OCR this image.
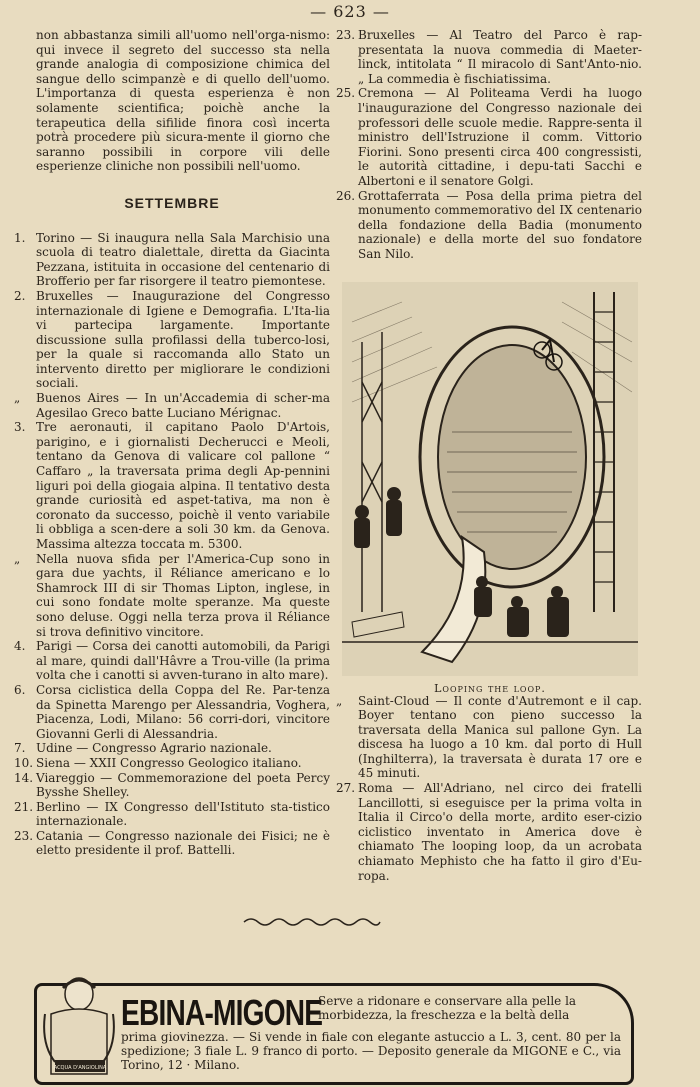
— 623 —

non abbastanza simili all'uomo nell'orga-nismo: qui invece il segreto del successo sta nella grande analogia di composizione chimica del sangue dello scimpanzè e di quello dell'uomo. L'importanza di questa esperienza è non solamente scientifica; poichè anche la terapeutica della sifilide finora così incerta potrà procedere più sicura-mente il giorno che saranno possibili in corpore vili delle esperienze cliniche non possibili nell'uomo.

SETTEMBRE

1. Torino — Si inaugura nella Sala Marchisio una scuola di teatro dialettale, diretta da Giacinta Pezzana, istituita in occasione del centenario di Brofferio per far risorgere il teatro piemontese.

2. Bruxelles — Inaugurazione del Congresso internazionale di Igiene e Demografia. L'Ita-lia vi partecipa largamente. Importante discussione sulla profilassi della tuberco-losi, per la quale si raccomanda allo Stato un intervento diretto per migliorare le condizioni sociali.

„	Buenos Aires — In un'Accademia di scher-ma Agesilao Greco batte Luciano Mérignac.

3. Tre aeronauti, il capitano Paolo D'Artois, parigino, e i giornalisti Decherucci e Meoli, tentano da Genova di valicare col pallone “ Caffaro „ la traversata prima degli Ap-pennini liguri poi della giogaia alpina. Il tentativo desta grande curiosità ed aspet-tativa, ma non è coronato da successo, poichè il vento variabile li obbliga a scen-dere a soli 30 km. da Genova. Massima altezza toccata m. 5300.

„	Nella nuova sfida per l'America-Cup sono in gara due yachts, il Réliance americano e lo Shamrock III di sir Thomas Lipton, inglese, in cui sono fondate molte speranze. Ma queste sono deluse. Oggi nella terza prova il Réliance si trova definitivo vincitore.

4. Parigi — Corsa dei canotti automobili, da Parigi al mare, quindi dall'Hâvre a Trou-ville (la prima volta che i canotti si avven-turano in alto mare).

6. Corsa ciclistica della Coppa del Re. Par-tenza da Spinetta Marengo per Alessandria, Voghera, Piacenza, Lodi, Milano: 56 corri-dori, vincitore Giovanni Gerli di Alessandria.

7. Udine — Congresso Agrario nazionale.

10. Siena — XXII Congresso Geologico italiano.

14. Viareggio — Commemorazione del poeta Percy Bysshe Shelley.

21. Berlino — IX Congresso dell'Istituto sta-tistico internazionale.

23. Catania — Congresso nazionale dei Fisici; ne è eletto presidente il prof. Battelli.

23. Bruxelles — Al Teatro del Parco è rap-presentata la nuova commedia di Maeter-linck, intitolata “ Il miracolo di Sant'Anto-nio. „ La commedia è fischiatissima.

25. Cremona — Al Politeama Verdi ha luogo l'inaugurazione del Congresso nazionale dei professori delle scuole medie. Rappre-senta il ministro dell'Istruzione il comm. Vittorio Fiorini. Sono presenti circa 400 congressisti, le autorità cittadine, i depu-tati Sacchi e Albertoni e il senatore Golgi.

26. Grottaferrata — Posa della prima pietra del monumento commemorativo del IX centenario della fondazione della Badia (monumento nazionale) e della morte del suo fondatore San Nilo.

Looping the loop.

„	Saint-Cloud — Il conte d'Autremont e il cap. Boyer tentano con pieno successo la traversata della Manica sul pallone Gyn. La discesa ha luogo a 10 km. dal porto di Hull (Inghilterra), la traversata è durata 17 ore e 45 minuti.

27. Roma — All'Adriano, nel circo dei fratelli Lancillotti, si eseguisce per la prima volta in Italia il Circo'o della morte, ardito eser-cizio ciclistico inventato in America dove è chiamato The looping loop, da un acrobata chiamato Mephisto che ha fatto il giro d'Eu-ropa.

ACQUA D'ANGIOLINA
EBINA-MIGONE
Serve a ridonare e conservare alla pelle la morbidezza, la freschezza e la beltà della
prima giovinezza. — Si vende in fiale con elegante astuccio a L. 3, cent. 80 per la spedizione; 3 fiale L. 9 franco di porto. — Deposito generale da MIGONE e C., via Torino, 12 · Milano.
